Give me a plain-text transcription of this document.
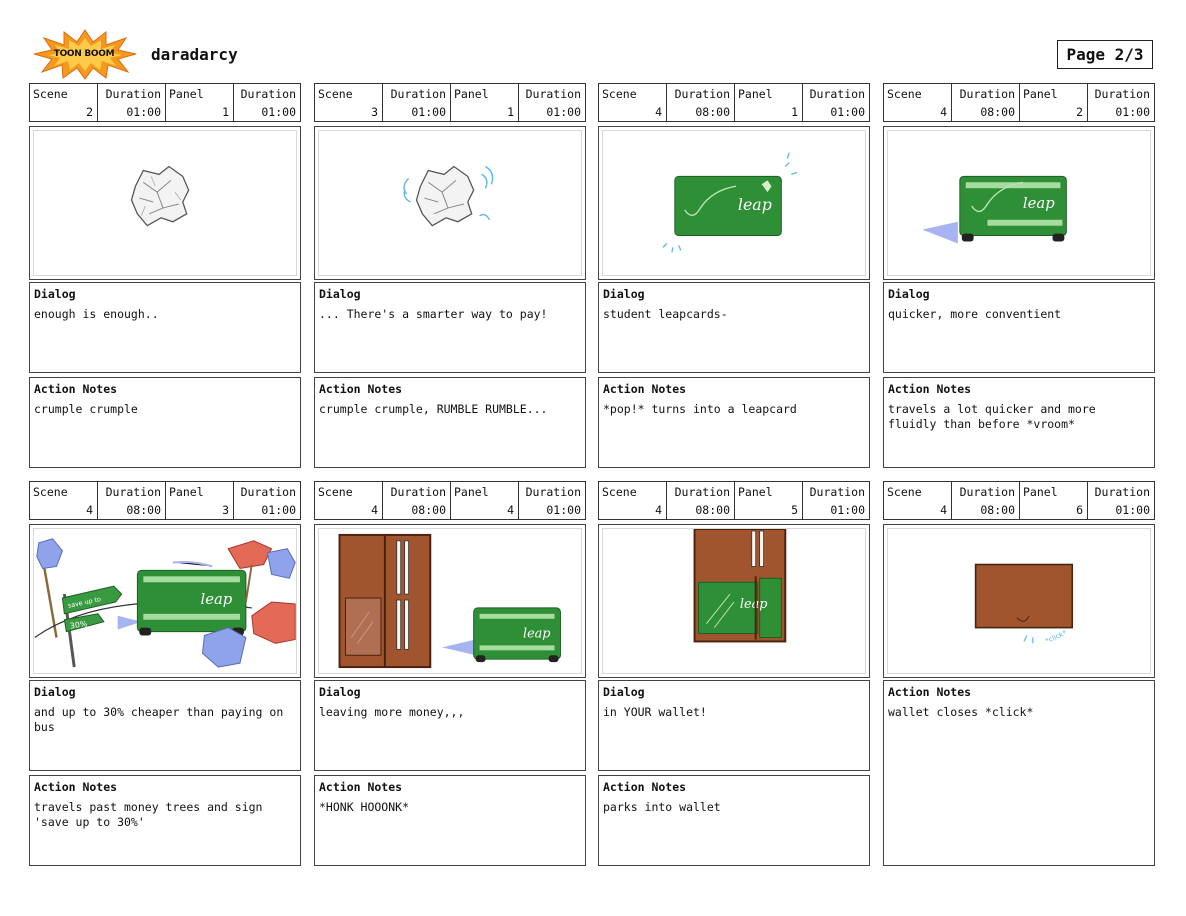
TOON BOOM	daradarcy	Page 2/3
Scene
2
Duration
01:00
Panel
1
Duration
01:00
Dialog
enough is enough..
Action Notes
crumple crumple
Scene
3
Duration
01:00
Panel
1
Duration
01:00
Dialog
... There's a smarter way to pay!
Action Notes
crumple crumple, RUMBLE RUMBLE...
Scene
4
Duration
08:00
Panel
1
Duration
01:00
leap
Dialog
student leapcards-
Action Notes
*pop!* turns into a leapcard
Scene
4
Duration
08:00
Panel
2
Duration
01:00
leap
Dialog
quicker, more conventient
Action Notes
travels a lot quicker and more fluidly than before *vroom*
Scene
4
Duration
08:00
Panel
3
Duration
01:00
save up to
30%
leap
Dialog
and up to 30% cheaper than paying on bus
Action Notes
travels past money trees and sign 'save up to 30%'
Scene
4
Duration
08:00
Panel
4
Duration
01:00
leap
Dialog
leaving more money,,,
Action Notes
*HONK HOOONK*
Scene
4
Duration
08:00
Panel
5
Duration
01:00
leap
Dialog
in YOUR wallet!
Action Notes
parks into wallet
Scene
4
Duration
08:00
Panel
6
Duration
01:00
*click*
Action Notes
wallet closes *click*
